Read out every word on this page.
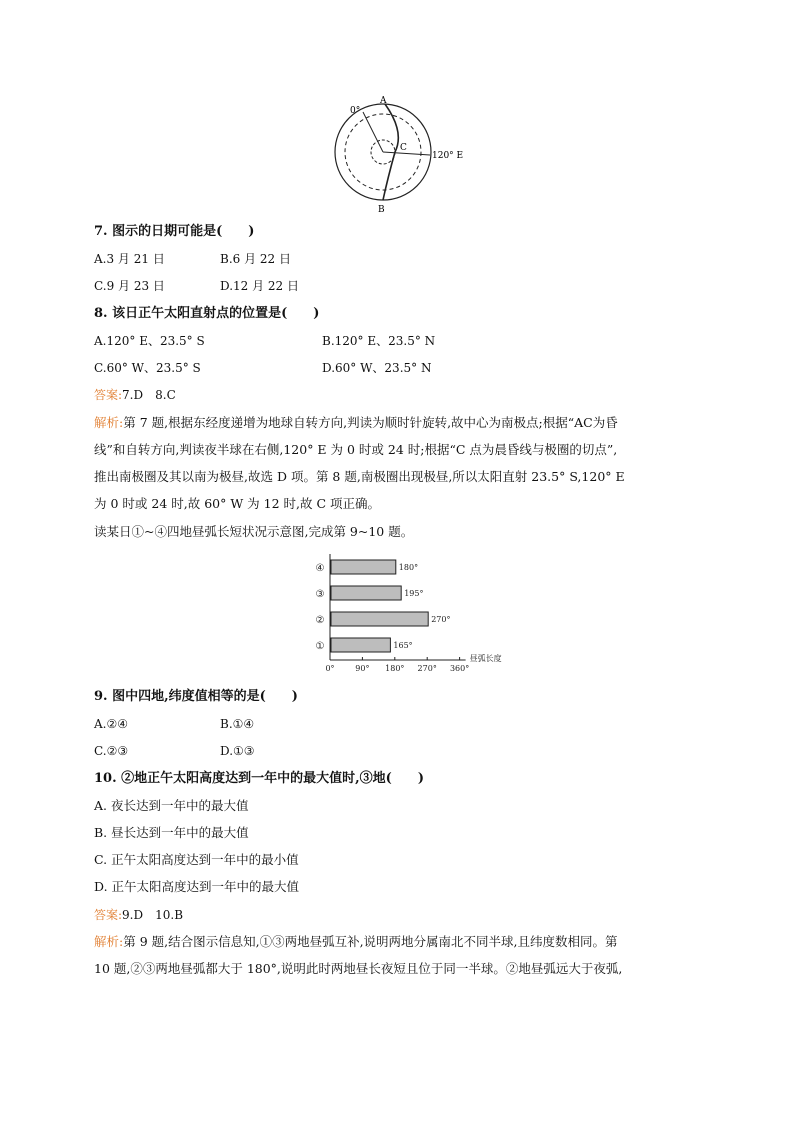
0°
A
C
120° E
B
7. 图示的日期可能是(　　)
A.3 月 21 日	B.6 月 22 日
C.9 月 23 日	D.12 月 22 日
8. 该日正午太阳直射点的位置是(　　)
A.120° E、23.5° S	B.120° E、23.5° N
C.60° W、23.5° S	D.60° W、23.5° N
答案:7.D　8.C
解析:第 7 题,根据东经度递增为地球自转方向,判读为顺时针旋转,故中心为南极点;根据“AC为昏
线”和自转方向,判读夜半球在右侧,120° E 为 0 时或 24 时;根据“C 点为晨昏线与极圈的切点”,
推出南极圈及其以南为极昼,故选 D 项。第 8 题,南极圈出现极昼,所以太阳直射 23.5° S,120° E
为 0 时或 24 时,故 60° W 为 12 时,故 C 项正确。
读某日①~④四地昼弧长短状况示意图,完成第 9~10 题。
0°	90° 180° 270° 360°
昼弧长度
④	180°
③	195°
②	270°
①	165°
9. 图中四地,纬度值相等的是(　　)
A.②④	B.①④
C.②③	D.①③
10. ②地正午太阳高度达到一年中的最大值时,③地(　　)
A. 夜长达到一年中的最大值
B. 昼长达到一年中的最大值
C. 正午太阳高度达到一年中的最小值
D. 正午太阳高度达到一年中的最大值
答案:9.D　10.B
解析:第 9 题,结合图示信息知,①③两地昼弧互补,说明两地分属南北不同半球,且纬度数相同。第
10 题,②③两地昼弧都大于 180°,说明此时两地昼长夜短且位于同一半球。②地昼弧远大于夜弧,
